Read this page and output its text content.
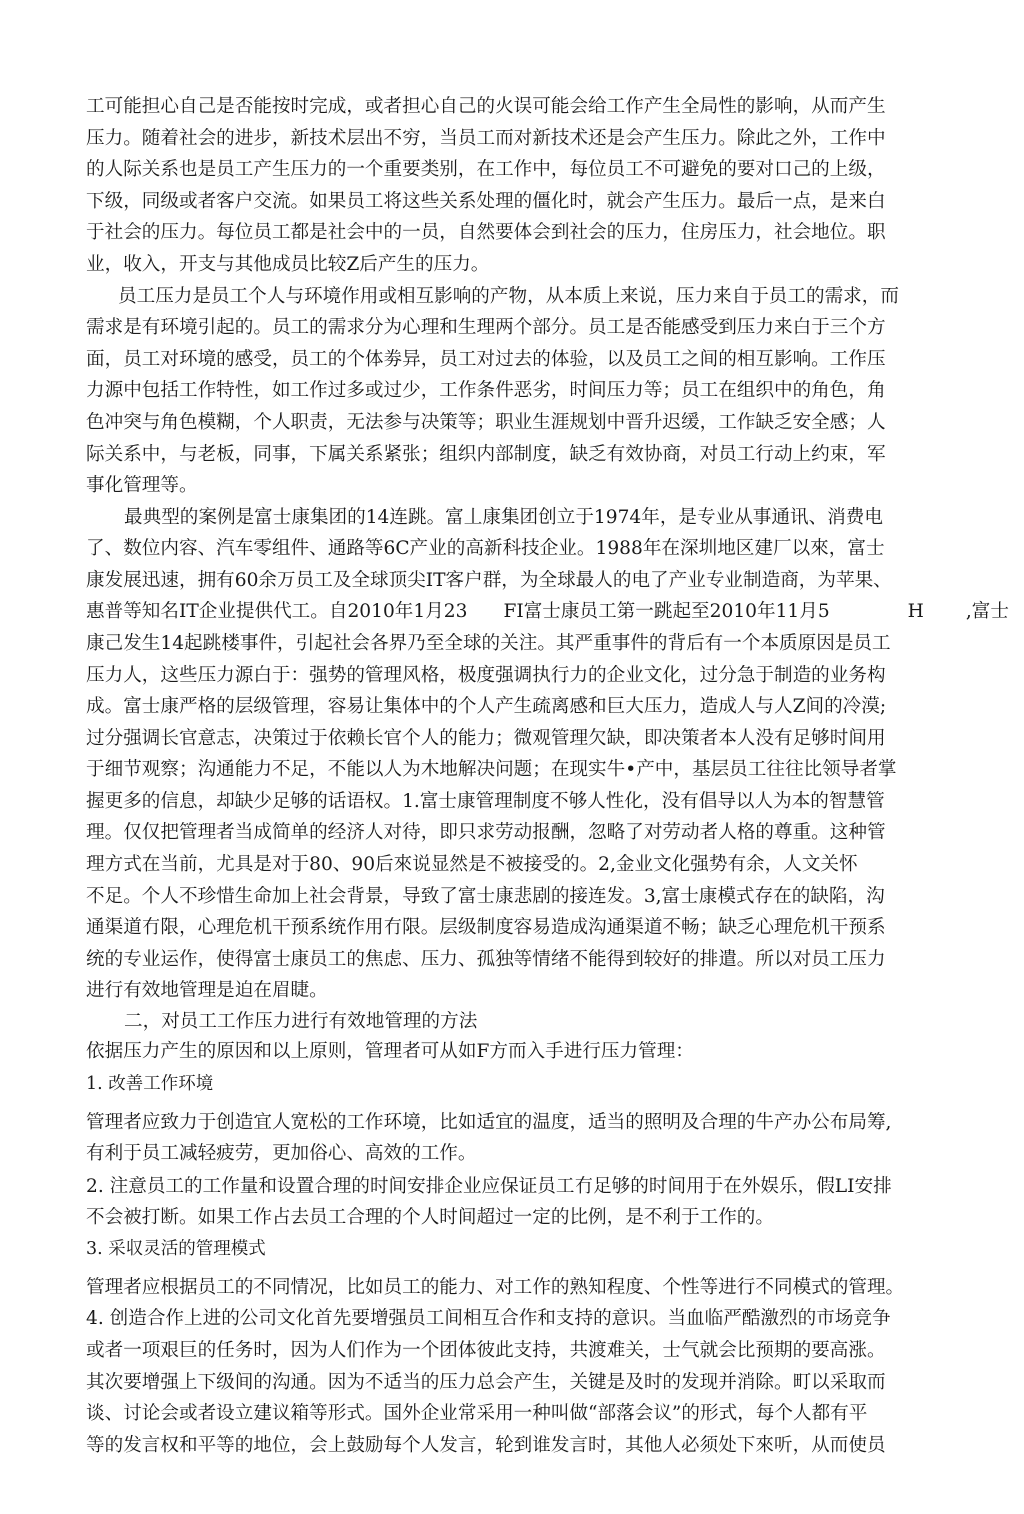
工可能担心自己是否能按时完成，或者担心自己的火误可能会给工作产生全局性的影响，从而产生
压力。随着社会的进步，新技术层出不穷，当员工而对新技术还是会产生压力。除此之外，工作中
的人际关系也是员工产生压力的一个重要类别，在工作中，每位员工不可避免的要对口己的上级，
下级，同级或者客户交流。如果员工将这些关系处理的僵化时，就会产生压力。最后一点，是来白
于社会的压力。每位员工都是社会中的一员，自然要体会到社会的压力，住房压力，社会地位。职
业，收入，开支与其他成员比较Z后产生的压力。
员工压力是员工个人与环境作用或相互影响的产物，从本质上来说，压力来自于员工的需求，而
需求是有环境引起的。员工的需求分为心理和生理两个部分。员工是否能感受到压力来白于三个方
面，员工对环境的感受，员工的个体劵异，员工对过去的体验，以及员工之间的相互影响。工作压
力源中包括工作特性，如工作过多或过少，工作条件恶劣，时间压力等；员工在组织中的角色，角
色冲突与角色模糊，个人职责，无法参与决策等；职业生涯规划中晋升迟缓，工作缺乏安全感；人
际关系中，与老板，同事，下属关系紧张；组织内部制度，缺乏有效协商，对员工行动上约束，军
事化管理等。
最典型的案例是富士康集团的14连跳。富丄康集团创立于1974年，是专业从事通讯、消费电
了、数位内容、汽车零组件、通路等6C产业的高新科技企业。1988年在深圳地区建厂以來，富士
康发展迅速，拥有60余万员工及全球顶尖IT客户群，为全球最人的电了产业专业制造商，为苹果、
惠普等知名IT企业提供代工。自2010年1月23 FI富士康员工第一跳起至2010年11月5	H ,富士
康己发生14起跳楼事件，引起社会各界乃至全球的关注。其严重事件的背后有一个本质原因是员工
压力人，这些压力源白于：强势的管理风格，极度强调执行力的企业文化，过分急于制造的业务构
成。富士康严格的层级管理，容易让集体中的个人产生疏离感和巨大压力，造成人与人Z间的冷漠;
过分强调长官意志，决策过于依赖长官个人的能力；微观管理欠缺，即决策者本人没有足够时间用
于细节观察；沟通能力不足，不能以人为木地解决问题；在现实牛•产中，基层员工往往比领导者掌
握更多的信息，却缺少足够的话语权。1.富士康管理制度不够人性化，没有倡导以人为本的智慧管
理。仅仅把管理者当成简单的经济人对待，即只求劳动报酬，忽略了对劳动者人格的尊重。这种管
理方式在当前，尤具是对于80、90后來说显然是不被接受的。2,金业文化强势有余，人文关怀
不足。个人不珍惜生命加上社会背景，导致了富士康悲剧的接连发。3,富士康模式存在的缺陷，沟
通渠道冇限，心理危机干预系统作用冇限。层级制度容易造成沟通渠道不畅；缺乏心理危机干预系
统的专业运作，使得富士康员工的焦虑、压力、孤独等情绪不能得到较好的排遣。所以对员工压力
进行有效地管理是迫在眉睫。
二，对员工工作压力进行有效地管理的方法
依据压力产生的原因和以上原则，管理者可从如F方而入手进行压力管理：
1. 改善工作环境
管理者应致力于创造宜人宽松的工作环境，比如适宜的温度，适当的照明及合理的牛产办公布局筹,
有利于员工减轻疲劳，更加俗心、高效的工作。
2. 注意员工的工作量和设置合理的时间安排企业应保证员工冇足够的时间用于在外娱乐，假LI安排
不会被打断。如果工作占去员工合理的个人时间超过一定的比例，是不利于工作的。
3. 采収灵活的管理模式
管理者应根据员工的不同情况，比如员工的能力、对工作的熟知程度、个性等进行不同模式的管理。
4. 创造合作上进的公司文化首先要增强员工间相互合作和支持的意识。当血临严酷激烈的市场竞争
或者一项艰巨的任务时，因为人们作为一个团体彼此支持，共渡难关，士气就会比预期的要高涨。
其次要增强上下级间的沟通。因为不适当的压力总会产生，关键是及时的发现并消除。町以采取而
谈、讨论会或者设立建议箱等形式。国外企业常采用一种叫做“部落会议”的形式，每个人都有平
等的发言权和平等的地位，会上鼓励每个人发言，轮到谁发言时，其他人必须处下來听，从而使员
